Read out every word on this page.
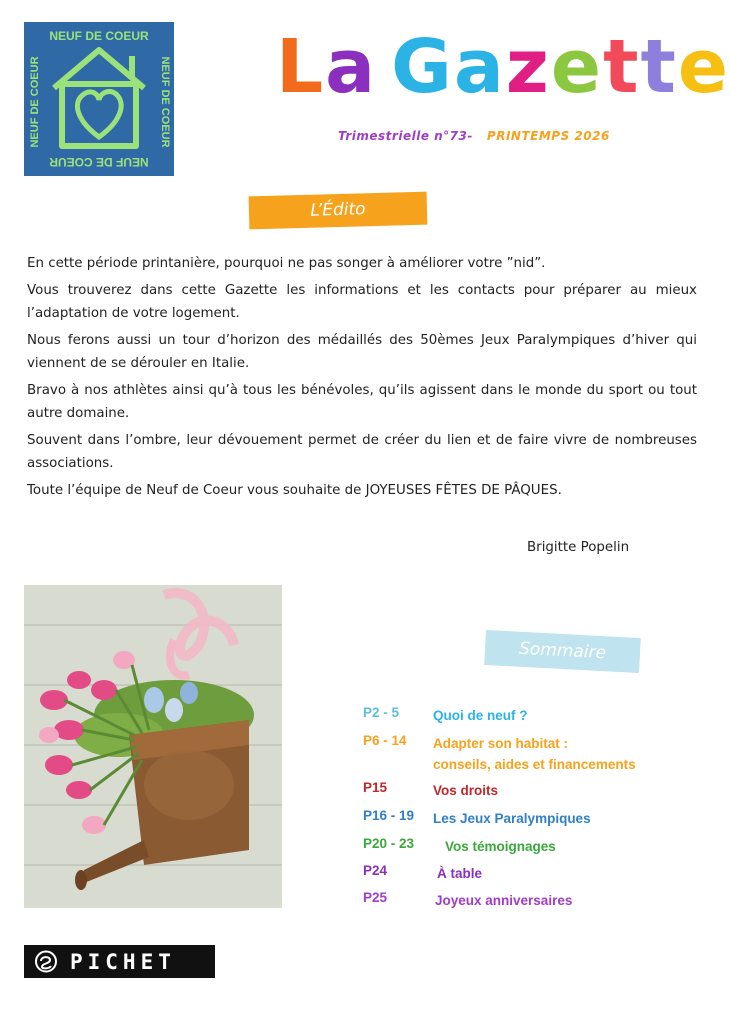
NEUF DE COEUR
NEUF DE COEUR
NEUF DE COEUR	NEUF DE COEUR La Gazette
Trimestrielle n°73- PRINTEMPS 2026
L’Édito

En cette période printanière, pourquoi ne pas songer à améliorer votre ”nid”.

Vous trouverez dans cette Gazette les informations et les contacts pour préparer au mieux l’adaptation de votre logement.

Nous ferons aussi un tour d’horizon des médaillés des 50èmes Jeux Paralympiques d’hiver qui viennent de se dérouler en Italie.

Bravo à nos athlètes ainsi qu’à tous les bénévoles, qu’ils agissent dans le monde du sport ou tout autre domaine.

Souvent dans l’ombre, leur dévouement permet de créer du lien et de faire vivre de nombreuses associations.

Toute l’équipe de Neuf de Coeur vous souhaite de JOYEUSES FÊTES DE PÂQUES.

Brigitte Popelin
Sommaire
P2 - 5	Quoi de neuf ?
P6 - 14 Adapter son habitat :
conseils, aides et financements
P15	Vos droits
P16 - 19 Les Jeux Paralympiques
P20 - 23 Vos témoignages
P24	À table
P25	Joyeux anniversaires
PICHET
